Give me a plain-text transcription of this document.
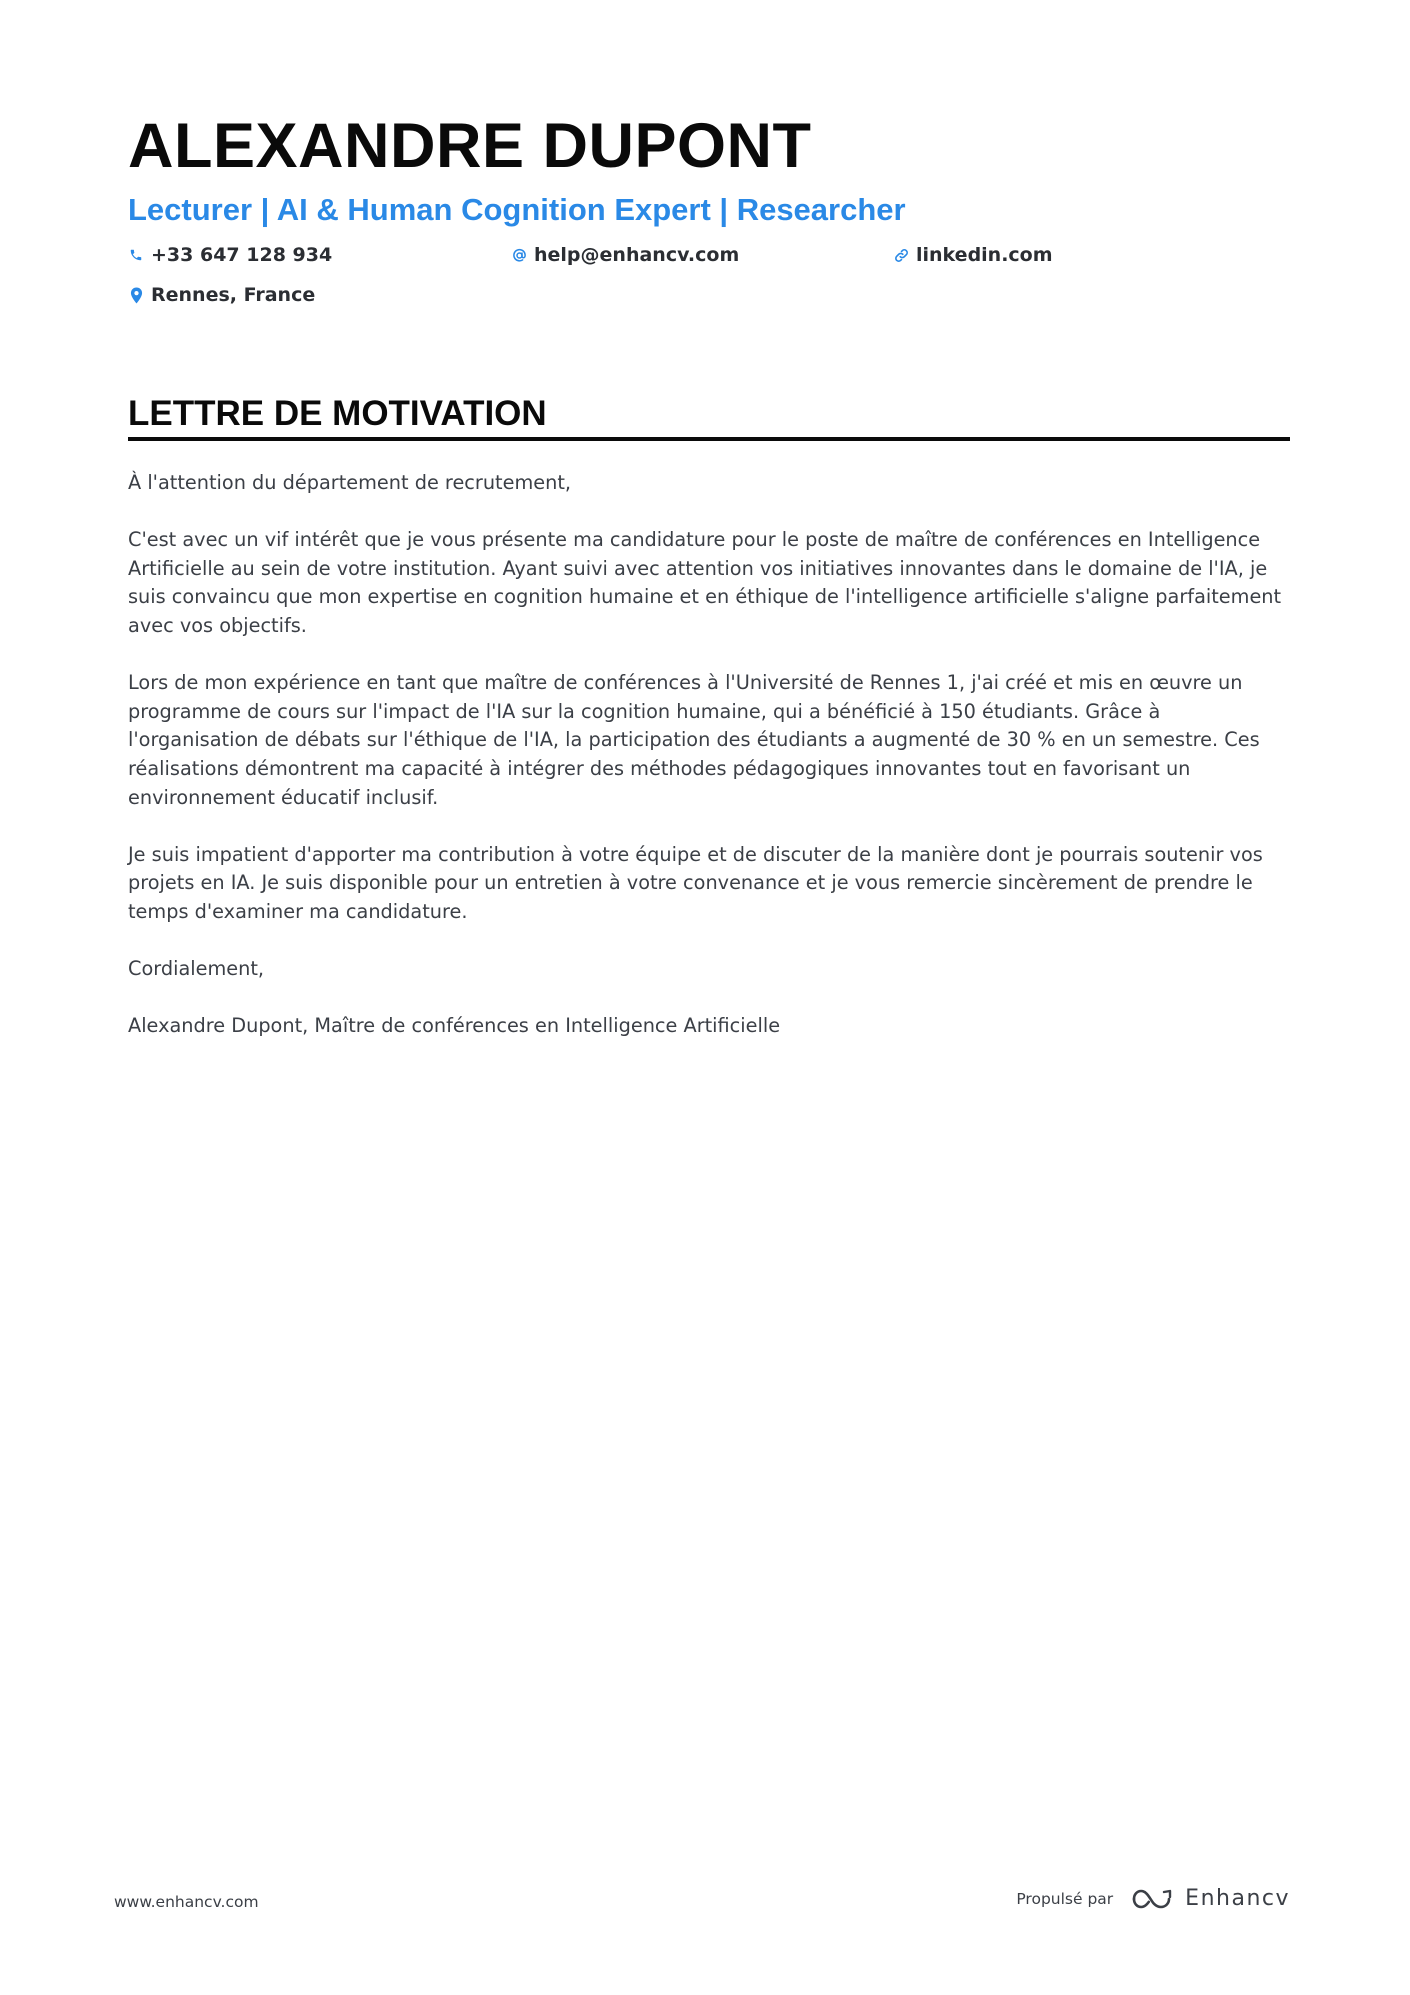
ALEXANDRE DUPONT
Lecturer | AI & Human Cognition Expert | Researcher
+33 647 128 934	help@enhancv.com	linkedin.com
Rennes, France
LETTRE DE MOTIVATION

À l'attention du département de recrutement,

C'est avec un vif intérêt que je vous présente ma candidature pour le poste de maître de conférences en Intelligence Artificielle au sein de votre institution. Ayant suivi avec attention vos initiatives innovantes dans le domaine de l'IA, je suis convaincu que mon expertise en cognition humaine et en éthique de l'intelligence artificielle s'aligne parfaitement avec vos objectifs.

Lors de mon expérience en tant que maître de conférences à l'Université de Rennes 1, j'ai créé et mis en œuvre un programme de cours sur l'impact de l'IA sur la cognition humaine, qui a bénéficié à 150 étudiants. Grâce à l'organisation de débats sur l'éthique de l'IA, la participation des étudiants a augmenté de 30 % en un semestre. Ces réalisations démontrent ma capacité à intégrer des méthodes pédagogiques innovantes tout en favorisant un environnement éducatif inclusif.

Je suis impatient d'apporter ma contribution à votre équipe et de discuter de la manière dont je pourrais soutenir vos projets en IA. Je suis disponible pour un entretien à votre convenance et je vous remercie sincèrement de prendre le temps d'examiner ma candidature.

Cordialement,

Alexandre Dupont, Maître de conférences en Intelligence Artificielle

www.enhancv.com	Propulsé par	Enhancv
